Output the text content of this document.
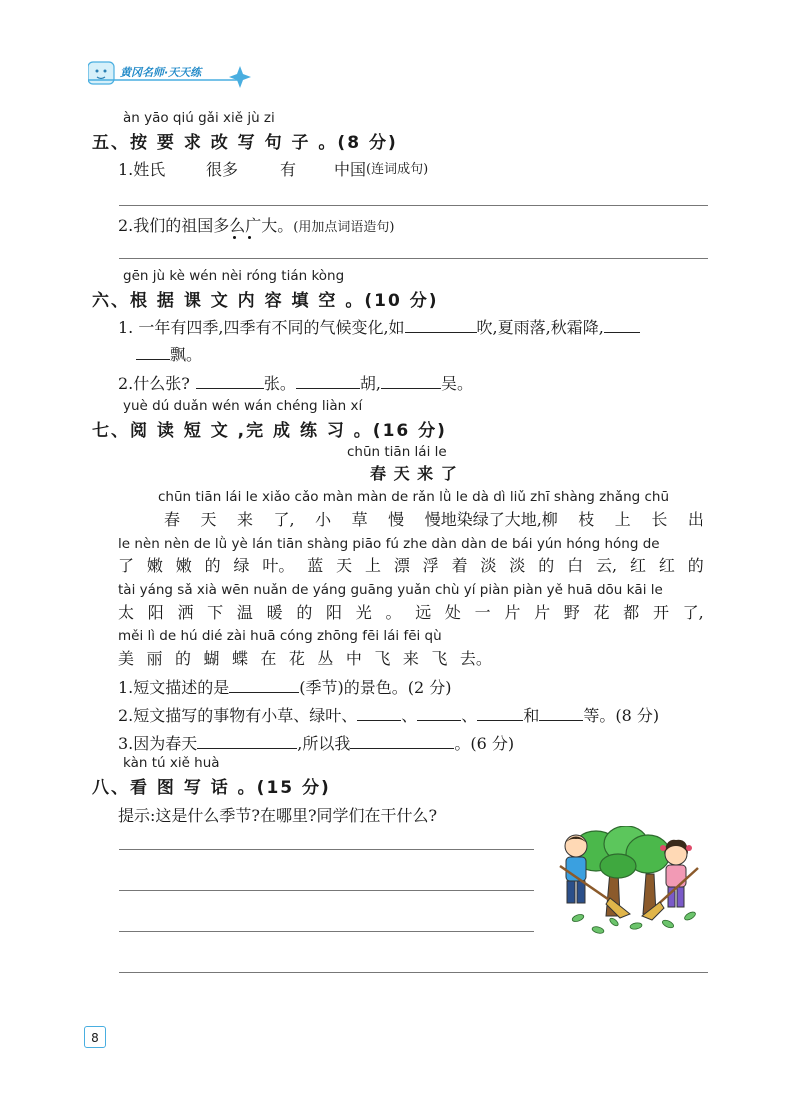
黄冈名师·天天练
àn yāo qiú gǎi xiě jù zi
五、按 要 求 改 写 句 子 。(8 分)
1.姓氏	很多	有 中国 (连词成句)
2.我们的祖国多么广大。(用加点词语造句)
gēn jù kè wén nèi róng tián kòng
六、根 据 课 文 内 容 填 空 。(10 分)
1. 一年有四季,四季有不同的气候变化,如	吹,夏雨落,秋霜降,
飘。
2.什么张?	张。	胡,	吴。
yuè dú duǎn wén wán chéng liàn xí
七、阅 读 短 文 ,完 成 练 习 。(16 分)
chūn tiān lái le
春 天 来 了
chūn tiān lái le xiǎo cǎo màn màn de rǎn lǜ le dà dì liǔ zhī shàng zhǎng chū
春 天 来 了, 小 草 慢 慢地染绿了大地,柳 枝 上 长 出
le nèn nèn de lǜ yè lán tiān shàng piāo fú zhe dàn dàn de bái yún hóng hóng de
了 嫩 嫩 的 绿 叶。 蓝 天 上 漂 浮 着 淡 淡 的 白 云, 红 红 的
tài yáng sǎ xià wēn nuǎn de yáng guāng yuǎn chù yí piàn piàn yě huā dōu kāi le
太 阳 洒 下 温 暖 的 阳 光 。 远 处 一 片 片 野 花 都 开 了,
měi lì de hú dié zài huā cóng zhōng fēi lái fēi qù
美 丽 的 蝴 蝶 在 花 丛 中 飞 来 飞 去。
1.短文描述的是	(季节)的景色。(2 分)
2.短文描写的事物有小草、绿叶、	、	、	和	等。(8 分)
3.因为春天	,所以我	。(6 分)
kàn tú xiě huà
八、看 图 写 话 。(15 分)
提示:这是什么季节?在哪里?同学们在干什么?
8
